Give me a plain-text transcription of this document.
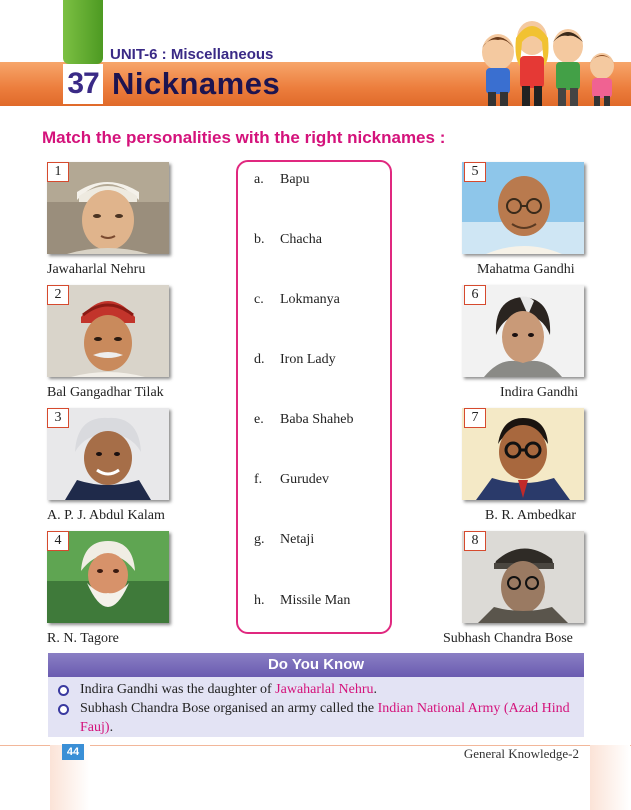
37
UNIT-6 : Miscellaneous
Nicknames
Match the personalities with the right nicknames :
1
Jawaharlal Nehru
2
Bal Gangadhar Tilak
3
A. P. J. Abdul Kalam
4
R. N. Tagore
a. Bapu
b. Chacha
c. Lokmanya
d. Iron Lady
e. Baba Shaheb
f. Gurudev
g. Netaji
h. Missile Man
5
Mahatma Gandhi
6
Indira Gandhi
7
B. R. Ambedkar
8
Subhash Chandra Bose
Do You Know
Indira Gandhi was the daughter of Jawaharlal Nehru.
Subhash Chandra Bose organised an army called the Indian National Army (Azad Hind Fauj).
44	General Knowledge-2
